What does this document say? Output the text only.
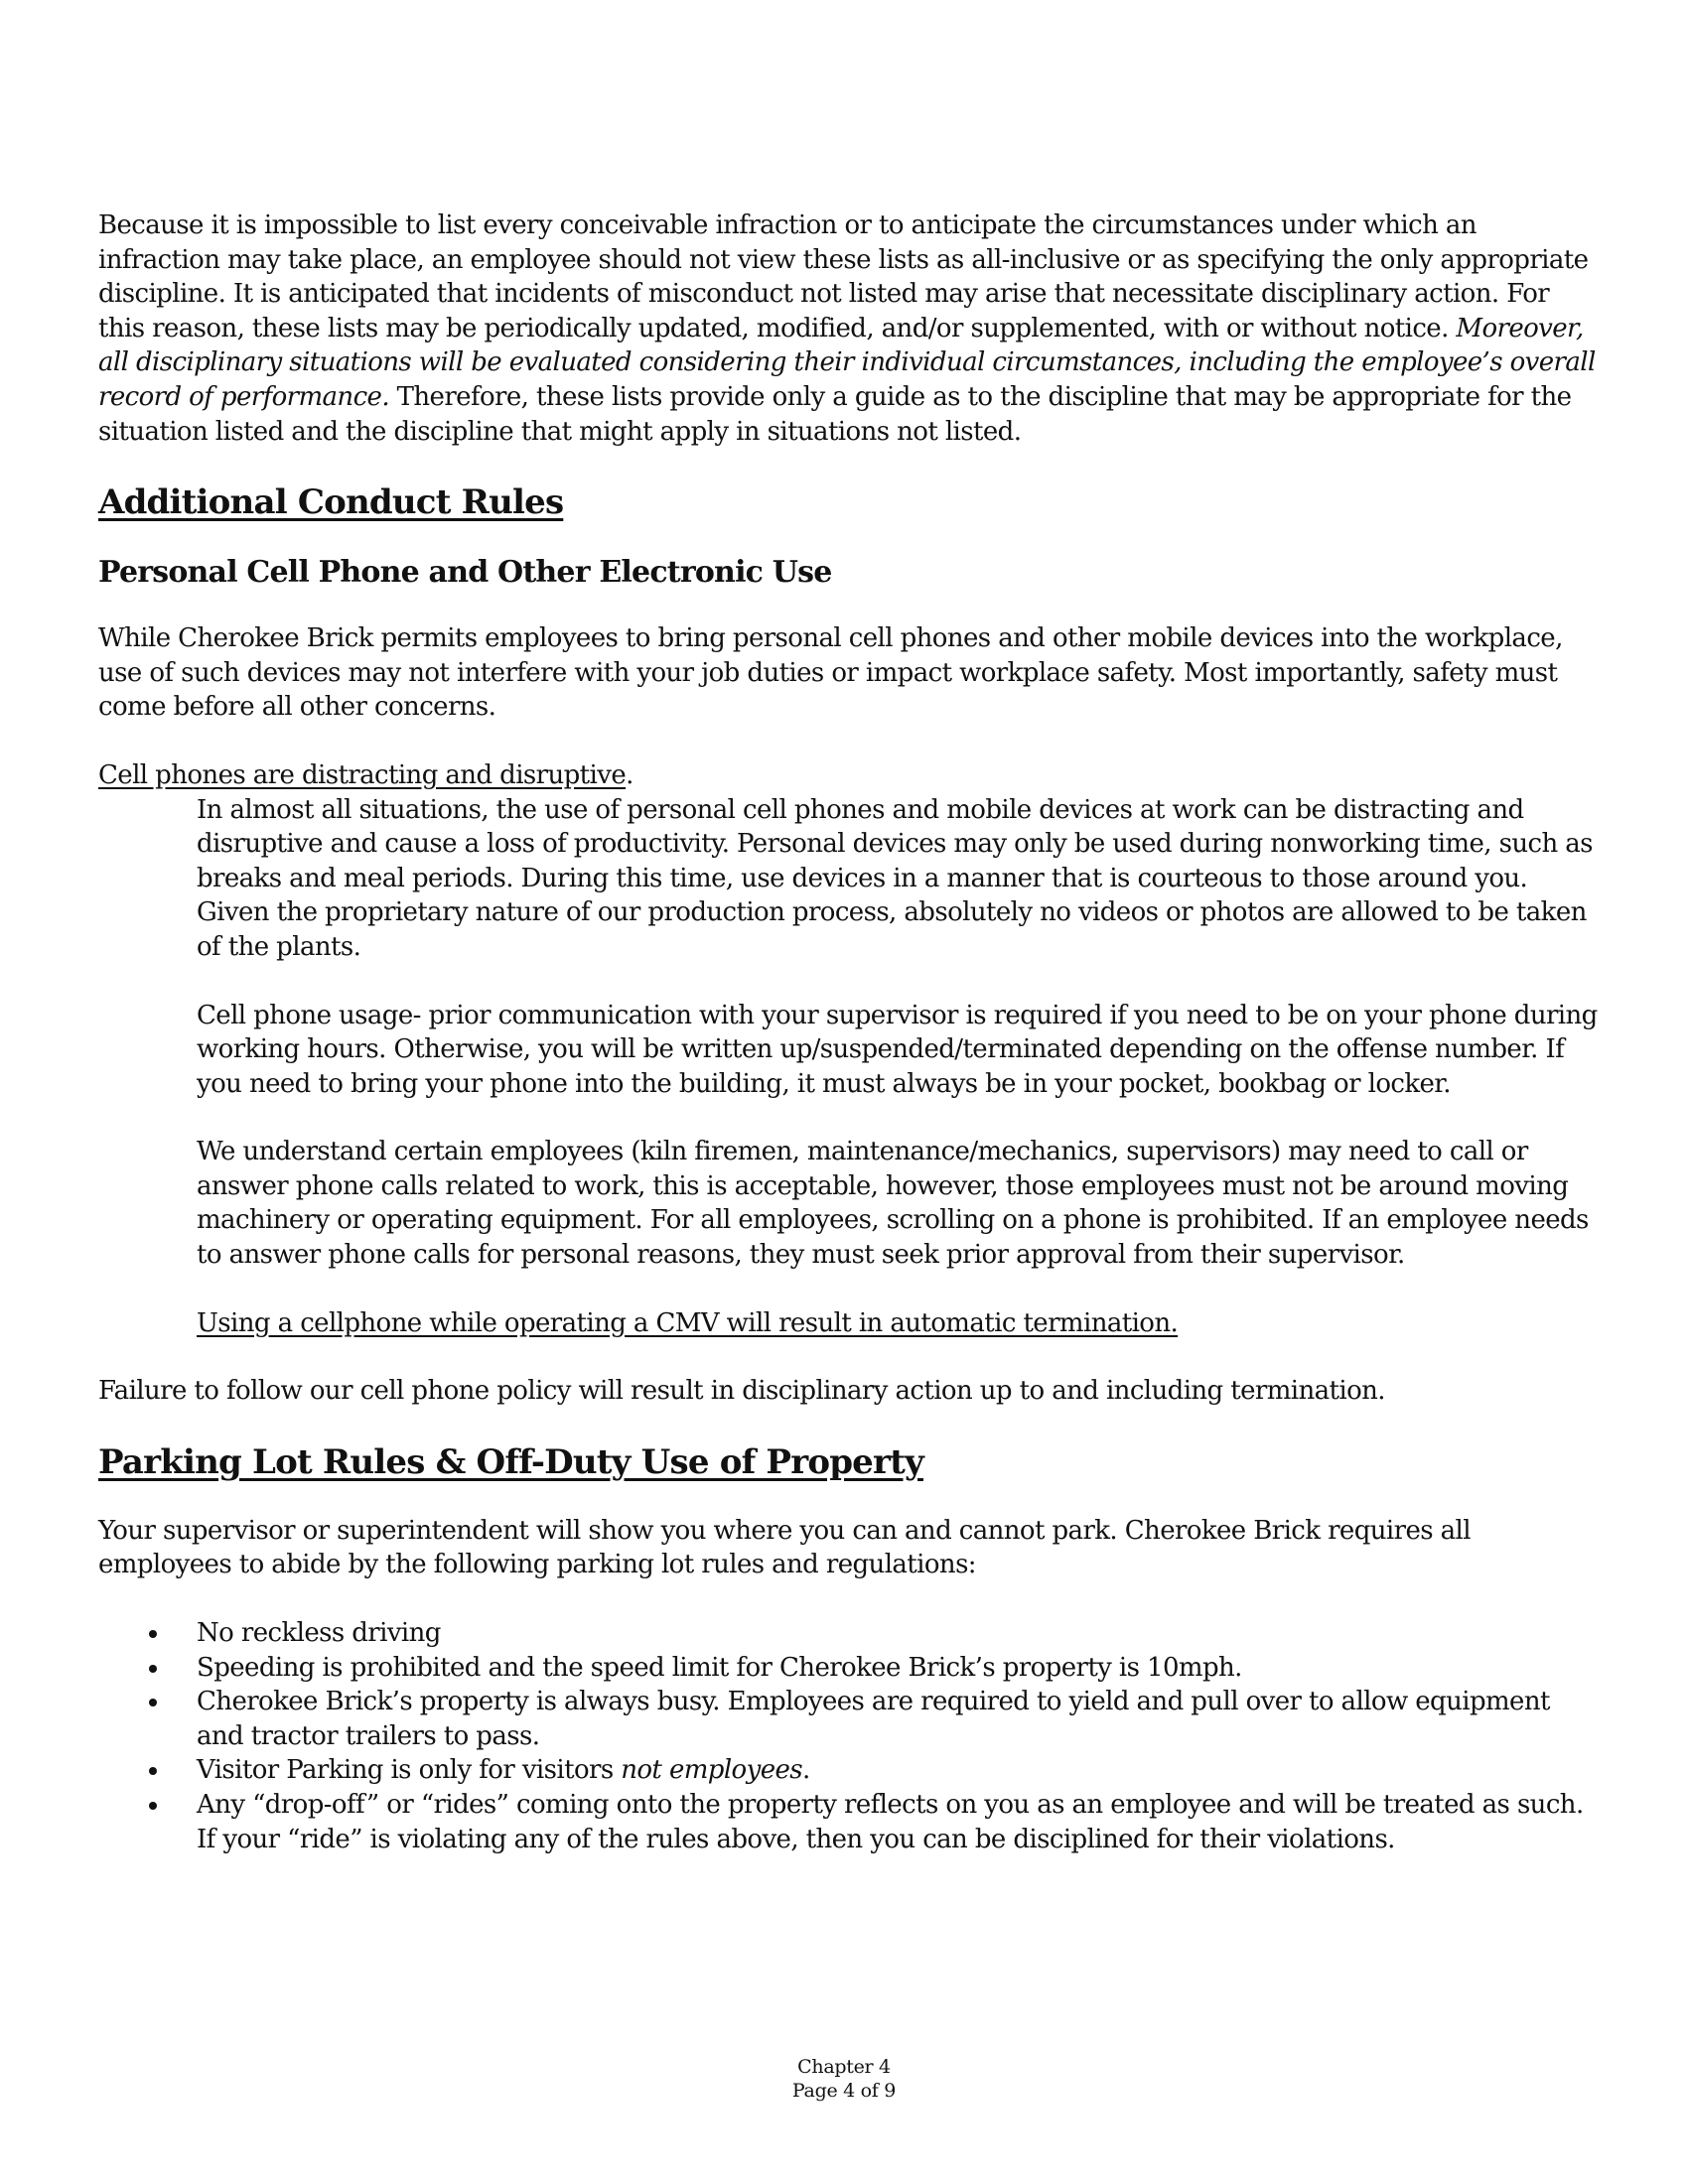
Because it is impossible to list every conceivable infraction or to anticipate the circumstances under which an infraction may take place, an employee should not view these lists as all-inclusive or as specifying the only appropriate discipline. It is anticipated that incidents of misconduct not listed may arise that necessitate disciplinary action. For this reason, these lists may be periodically updated, modified, and/or supplemented, with or without notice. Moreover, all disciplinary situations will be evaluated considering their individual circumstances, including the employee’s overall record of performance. Therefore, these lists provide only a guide as to the discipline that may be appropriate for the situation listed and the discipline that might apply in situations not listed.

Additional Conduct Rules
Personal Cell Phone and Other Electronic Use

While Cherokee Brick permits employees to bring personal cell phones and other mobile devices into the workplace, use of such devices may not interfere with your job duties or impact workplace safety. Most importantly, safety must come before all other concerns.

Cell phones are distracting and disruptive.

In almost all situations, the use of personal cell phones and mobile devices at work can be distracting and disruptive and cause a loss of productivity. Personal devices may only be used during nonworking time, such as breaks and meal periods. During this time, use devices in a manner that is courteous to those around you. Given the proprietary nature of our production process, absolutely no videos or photos are allowed to be taken of the plants.

Cell phone usage- prior communication with your supervisor is required if you need to be on your phone during working hours. Otherwise, you will be written up/suspended/terminated depending on the offense number. If you need to bring your phone into the building, it must always be in your pocket, bookbag or locker.

We understand certain employees (kiln firemen, maintenance/mechanics, supervisors) may need to call or answer phone calls related to work, this is acceptable, however, those employees must not be around moving machinery or operating equipment. For all employees, scrolling on a phone is prohibited. If an employee needs to answer phone calls for personal reasons, they must seek prior approval from their supervisor.

Using a cellphone while operating a CMV will result in automatic termination.

Failure to follow our cell phone policy will result in disciplinary action up to and including termination.

Parking Lot Rules & Off-Duty Use of Property

Your supervisor or superintendent will show you where you can and cannot park. Cherokee Brick requires all employees to abide by the following parking lot rules and regulations:

No reckless driving
Speeding is prohibited and the speed limit for Cherokee Brick’s property is 10mph.
Cherokee Brick’s property is always busy. Employees are required to yield and pull over to allow equipment and tractor trailers to pass.
Visitor Parking is only for visitors not employees.
Any “drop-off” or “rides” coming onto the property reflects on you as an employee and will be treated as such. If your “ride” is violating any of the rules above, then you can be disciplined for their violations.
Chapter 4
Page 4 of 9
